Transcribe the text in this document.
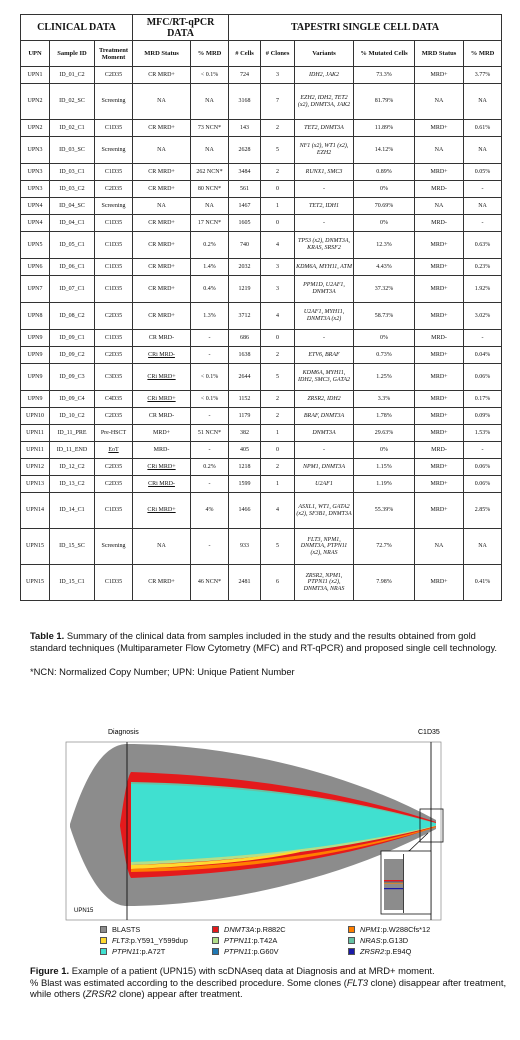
CLINICAL DATA			MFC/RT-qPCR DATA		TAPESTRI SINGLE CELL DATA					
UPN	Sample ID	Treatment Moment	MRD Status	% MRD	# Cells	# Clones	Variants	% Mutated Cells	MRD Status	% MRD
UPN1	ID_01_C2	C2D35	CR MRD+	< 0.1%	724	3	IDH2, JAK2	73.3%	MRD+	3.77%
UPN2	ID_02_SC	Screening	NA	NA	3168	7	EZH2, IDH2, TET2 (x2), DNMT3A, JAK2	81.79%	NA	NA
UPN2	ID_02_C1	C1D35	CR MRD+	73 NCN*	143	2	TET2, DNMT3A	11.89%	MRD+	0.61%
UPN3	ID_03_SC	Screening	NA	NA	2628	5	NF1 (x2), WT1 (x2), EZH2	14.12%	NA	NA
UPN3	ID_03_C1	C1D35	CR MRD+	262 NCN*	3484	2	RUNX1, SMC3	0.89%	MRD+	0.05%
UPN3	ID_03_C2	C2D35	CR MRD+	80 NCN*	561	0	-	0%	MRD-	-
UPN4	ID_04_SC	Screening	NA	NA	1467	1	TET2, IDH1	70.69%	NA	NA
UPN4	ID_04_C1	C1D35	CR MRD+	17 NCN*	1605	0	-	0%	MRD-	-
UPN5	ID_05_C1	C1D35	CR MRD+	0.2%	740	4	TP53 (x2), DNMT3A, KRAS, SRSF2	12.3%	MRD+	0.63%
UPN6	ID_06_C1	C1D35	CR MRD+	1.4%	2032	3	KDM6A, MYH11, ATM	4.43%	MRD+	0.23%
UPN7	ID_07_C1	C1D35	CR MRD+	0.4%	1219	3	PPM1D, U2AF1, DNMT3A	37.32%	MRD+	1.92%
UPN8	ID_08_C2	C2D35	CR MRD+	1.3%	3712	4	U2AF1, MYH11, DNMT3A (x2)	58.73%	MRD+	3.02%
UPN9	ID_09_C1	C1D35	CR MRD-	-	686	0	-	0%	MRD-	-
UPN9	ID_09_C2	C2D35	CRi MRD-	-	1638	2	ETV6, BRAF	0.73%	MRD+	0.04%
UPN9	ID_09_C3	C3D35	CRi MRD+	< 0.1%	2644	5	KDM6A, MYH11, IDH2, SMC3, GATA2	1.25%	MRD+	0.06%
UPN9	ID_09_C4	C4D35	CRi MRD+	< 0.1%	1152	2	ZRSR2, IDH2	3.3%	MRD+	0.17%
UPN10	ID_10_C2	C2D35	CR MRD-	-	1179	2	BRAF, DNMT3A	1.78%	MRD+	0.09%
UPN11	ID_11_PRE	Pre-HSCT	MRD+	51 NCN*	382	1	DNMT3A	29.63%	MRD+	1.53%
UPN11	ID_11_END	EoT	MRD-	-	405	0	-	0%	MRD-	-
UPN12	ID_12_C2	C2D35	CRi MRD+	0.2%	1218	2	NPM1, DNMT3A	1.15%	MRD+	0.06%
UPN13	ID_13_C2	C2D35	CRi MRD-	-	1599	1	U2AF1	1.19%	MRD+	0.06%
UPN14	ID_14_C1	C1D35	CRi MRD+	4%	1466	4	ASXL1, WT1, GATA2 (x2), SF3B1, DNMT3A	55.39%	MRD+	2.85%
UPN15	ID_15_SC	Screening	NA	-	933	5	FLT3, NPM1, DNMT3A, PTPN11 (x2), NRAS	72.7%	NA	NA
UPN15	ID_15_C1	C1D35	CR MRD+	46 NCN*	2481	6	ZRSR2, NPM1, PTPN11 (x2), DNMT3A, NRAS	7.98%	MRD+	0.41%
Table 1. Summary of the clinical data from samples included in the study and the results obtained from gold standard techniques (Multiparameter Flow Cytometry (MFC) and RT-qPCR) and proposed single cell technology.
*NCN: Normalized Copy Number; UPN: Unique Patient Number
Diagnosis	C1D35
UPN15
BLASTS	DNMT3A :p.R882C	NPM1 :p.W288Cfs*12
FLT3 :p.Y591_Y599dup	PTPN11 :p.T42A	NRAS :p.G13D
PTPN11 :p.A72T	PTPN11 :p.G60V	ZRSR2 :p.E94Q
Figure 1. Example of a patient (UPN15) with scDNAseq data at Diagnosis and at MRD+ moment.
% Blast was estimated according to the described procedure. Some clones (FLT3 clone) disappear after treatment, while others (ZRSR2 clone) appear after treatment.
